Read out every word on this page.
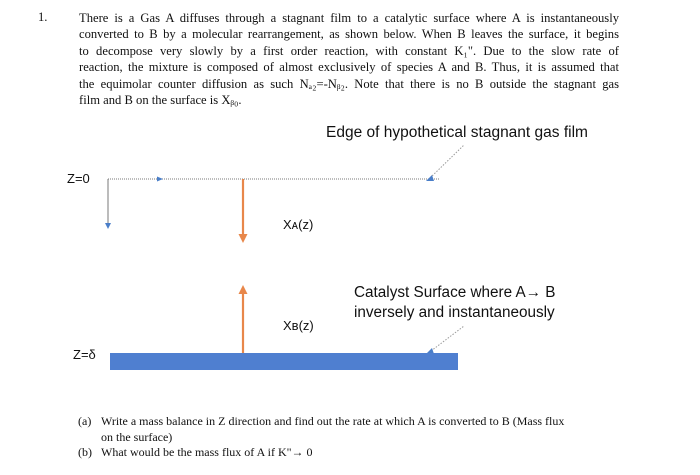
1.	There is a Gas A diffuses through a stagnant film to a catalytic surface where A is instantaneously
converted to B by a molecular rearrangement, as shown below. When B leaves the surface, it begins
to decompose very slowly by a first order reaction, with constant K₁". Due to the slow rate of
reaction, the mixture is composed of almost exclusively of species A and B. Thus, it is assumed that
the equimolar counter diffusion as such Nₐ₂=-Nᵦ₂. Note that there is no B outside the stagnant gas
film and B on the surface is Xᵦ₀.
Edge of hypothetical stagnant gas film
Z=0
Z=δ
Xᴀ(z)
Xв(z)
Catalyst Surface where A→ B
inversely and instantaneously
(a) Write a mass balance in Z direction and find out the rate at which A is converted to B (Mass flux
on the surface)
(b) What would be the mass flux of A if K"→ 0
